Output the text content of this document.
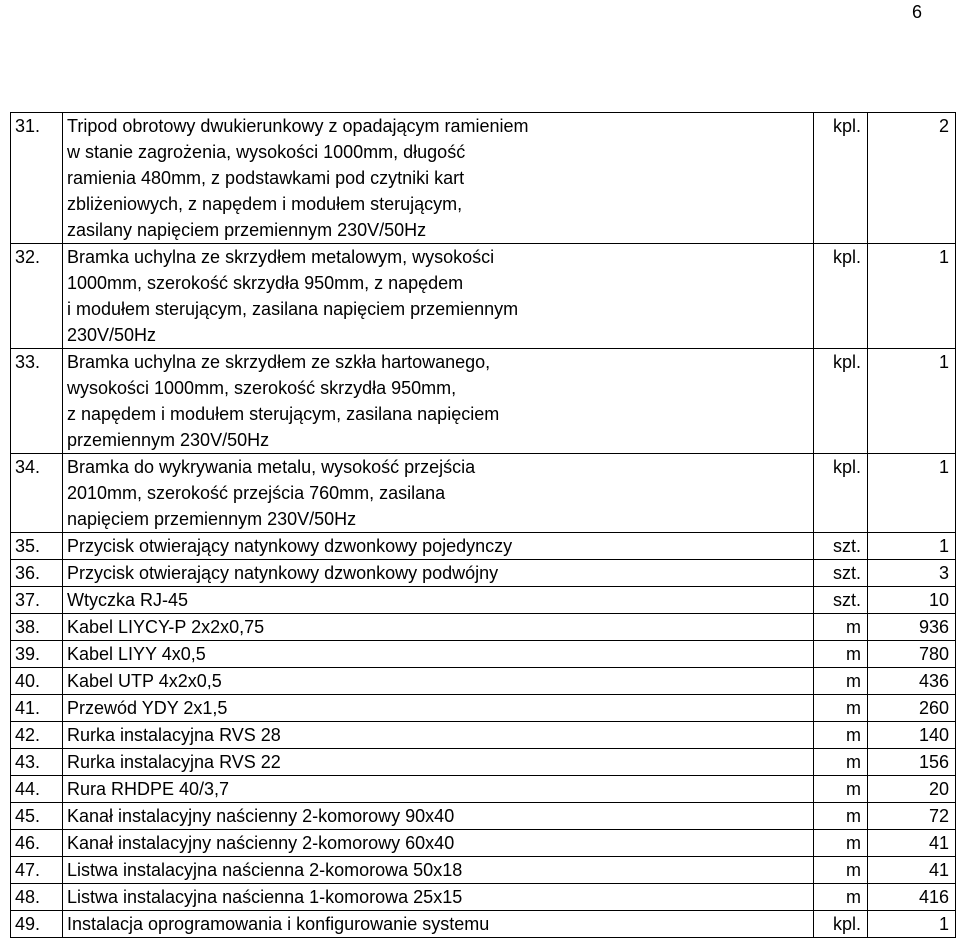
6
31.	Tripod obrotowy dwukierunkowy z opadającym ramieniem
w stanie zagrożenia, wysokości 1000mm, długość
ramienia 480mm, z podstawkami pod czytniki kart
zbliżeniowych, z napędem i modułem sterującym,
zasilany napięciem przemiennym 230V/50Hz	kpl.	2
32.	Bramka uchylna ze skrzydłem metalowym, wysokości
1000mm, szerokość skrzydła 950mm, z napędem
i modułem sterującym, zasilana napięciem przemiennym
230V/50Hz	kpl.	1
33.	Bramka uchylna ze skrzydłem ze szkła hartowanego,
wysokości 1000mm, szerokość skrzydła 950mm,
z napędem i modułem sterującym, zasilana napięciem
przemiennym 230V/50Hz	kpl.	1
34.	Bramka do wykrywania metalu, wysokość przejścia
2010mm, szerokość przejścia 760mm, zasilana
napięciem przemiennym 230V/50Hz	kpl.	1
35.	Przycisk otwierający natynkowy dzwonkowy pojedynczy	szt.	1
36.	Przycisk otwierający natynkowy dzwonkowy podwójny	szt.	3
37.	Wtyczka RJ-45	szt.	10
38.	Kabel LIYCY-P 2x2x0,75	m	936
39.	Kabel LIYY 4x0,5	m	780
40.	Kabel UTP 4x2x0,5	m	436
41.	Przewód YDY 2x1,5	m	260
42.	Rurka instalacyjna RVS 28	m	140
43.	Rurka instalacyjna RVS 22	m	156
44.	Rura RHDPE 40/3,7	m	20
45.	Kanał instalacyjny naścienny 2-komorowy 90x40	m	72
46.	Kanał instalacyjny naścienny 2-komorowy 60x40	m	41
47.	Listwa instalacyjna naścienna 2-komorowa 50x18	m	41
48.	Listwa instalacyjna naścienna 1-komorowa 25x15	m	416
49.	Instalacja oprogramowania i konfigurowanie systemu	kpl.	1
